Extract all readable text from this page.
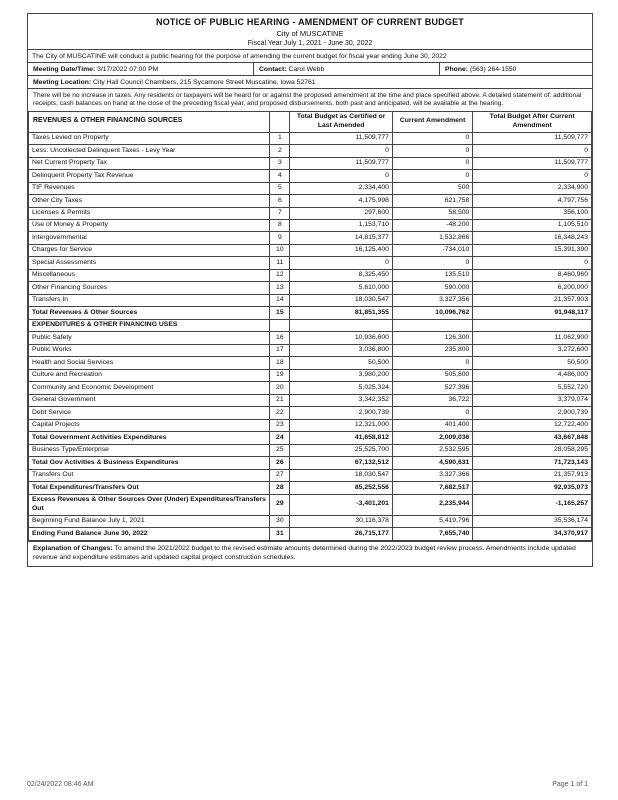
NOTICE OF PUBLIC HEARING - AMENDMENT OF CURRENT BUDGET
City of MUSCATINE
Fiscal Year July 1, 2021 - June 30, 2022
The City of MUSCATINE will conduct a public hearing for the purpose of amending the current budget for fiscal year ending June 30, 2022
Meeting Date/Time: 3/17/2022 07:00 PM	Contact: Carol Webb	Phone: (563) 264-1550
Meeting Location: City Hall Council Chambers, 215 Sycamore Street Muscatine, Iowa 52761
There will be no increase in taxes. Any residents or taxpayers will be heard for or against the proposed amendment at the time and place specified above. A detailed statement of: additional receipts, cash balances on hand at the close of the preceding fiscal year, and proposed disbursements, both past and anticipated, will be available at the hearing.
REVENUES & OTHER FINANCING SOURCES		Total Budget as Certified or Last Amended	Current Amendment	Total Budget After Current Amendment
Taxes Levied on Property	1	11,509,777	0	11,509,777
Less: Uncollected Delinquent Taxes - Levy Year	2	0	0	0
Net Current Property Tax	3	11,509,777	0	11,509,777
Delinquent Property Tax Revenue	4	0	0	0
TIF Revenues	5	2,334,400	500	2,334,900
Other City Taxes	6	4,175,998	621,758	4,797,756
Licenses & Permits	7	297,600	58,500	356,100
Use of Money & Property	8	1,153,710	-48,200	1,105,510
Intergovernmental	9	14,815,377	1,532,866	16,348,243
Charges for Service	10	16,125,400	-734,010	15,391,390
Special Assessments	11	0	0	0
Miscellaneous	12	8,325,450	135,510	8,460,960
Other Financing Sources	13	5,610,000	590,000	6,200,000
Transfers In	14	18,030,547	3,327,356	21,357,903
Total Revenues & Other Sources	15	81,851,355	10,096,762	91,948,117
EXPENDITURES & OTHER FINANCING USES				
Public Safety	16	10,936,600	126,300	11,062,900
Public Works	17	3,036,800	235,800	3,272,600
Health and Social Services	18	50,500	0	50,500
Culture and Recreation	19	3,980,200	505,800	4,486,000
Community and Economic Development	20	5,025,324	527,396	5,552,720
General Government	21	3,342,352	36,722	3,379,074
Debt Service	22	2,900,739	0	2,900,739
Capital Projects	23	12,321,000	401,400	12,722,400
Total Government Activities Expenditures	24	41,658,812	2,009,036	43,667,848
Business Type/Enterprise	25	25,525,700	2,532,595	28,058,295
Total Gov Activities & Business Expenditures	26	67,132,512	4,590,631	71,723,143
Transfers Out	27	18,030,547	3,327,366	21,357,913
Total Expenditures/Transfers Out	28	85,252,556	7,682,517	92,935,073
Excess Revenues & Other Sources Over (Under) Expenditures/Transfers Out	29	-3,401,201	2,235,944	-1,165,257
Beginning Fund Balance July 1, 2021	30	30,116,378	5,419,796	35,536,174
Ending Fund Balance June 30, 2022	31	26,715,177	7,655,740	34,370,917
Explanation of Changes: To amend the 2021/2022 budget to the revised estimate amounts determined during the 2022/2023 budget review process. Amendments include updated revenue and expenditure estimates and updated capital project construction schedules.
02/24/2022 08:46 AM	Page 1 of 1
